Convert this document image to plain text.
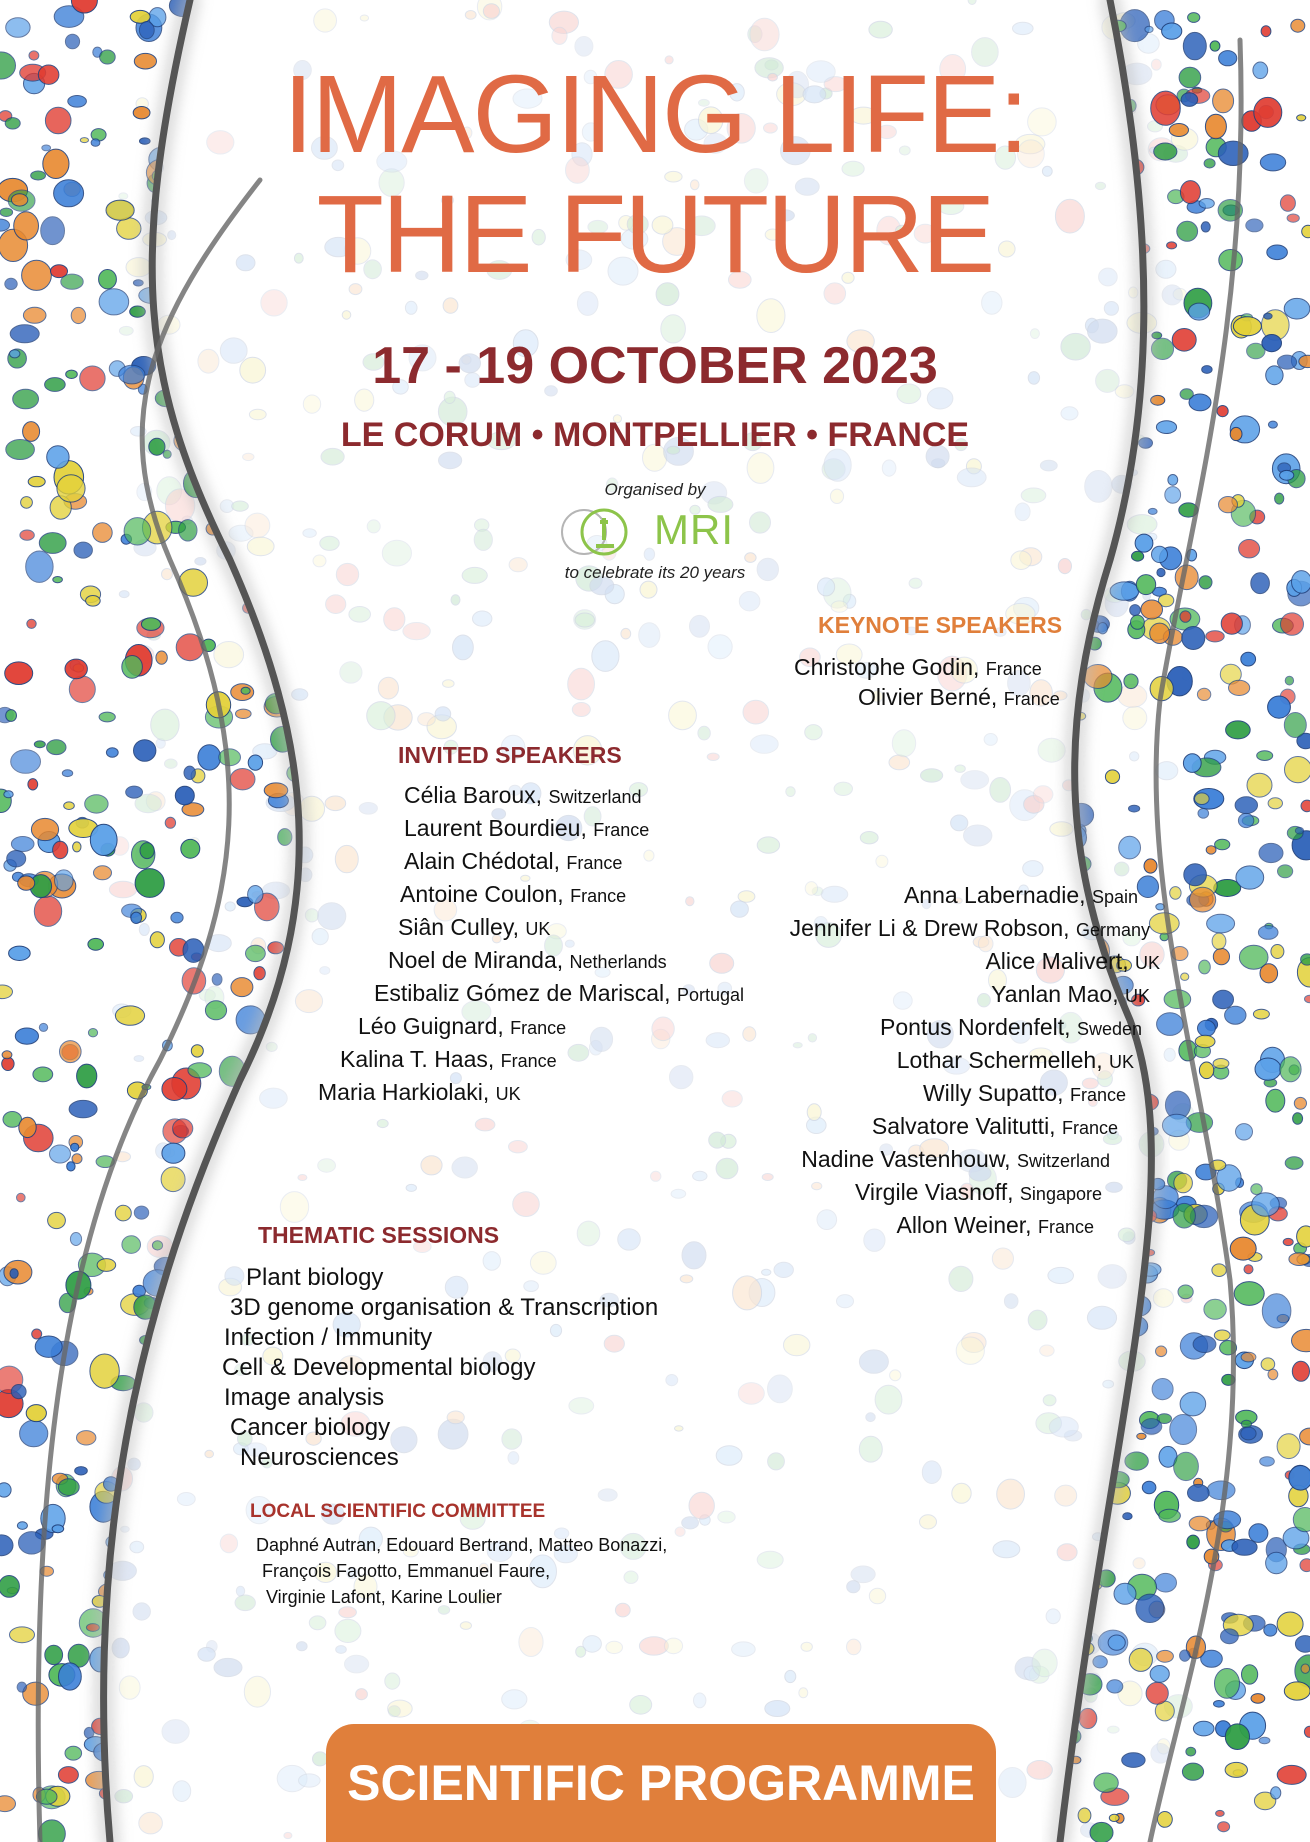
IMAGING LIFE:
THE FUTURE
17 - 19 OCTOBER 2023
LE CORUM • MONTPELLIER • FRANCE
Organised by
MRI
to celebrate its 20 years
KEYNOTE SPEAKERS
Christophe Godin, France
Olivier Berné, France
INVITED SPEAKERS
Célia Baroux, Switzerland
Laurent Bourdieu, France
Alain Chédotal, France
Antoine Coulon, France
Siân Culley, UK
Noel de Miranda, Netherlands
Estibaliz Gómez de Mariscal, Portugal
Léo Guignard, France
Kalina T. Haas, France
Maria Harkiolaki, UK
Anna Labernadie, Spain
Jennifer Li & Drew Robson, Germany
Alice Malivert, UK
Yanlan Mao, UK
Pontus Nordenfelt, Sweden
Lothar Schermelleh, UK
Willy Supatto, France
Salvatore Valitutti, France
Nadine Vastenhouw, Switzerland
Virgile Viasnoff, Singapore
Allon Weiner, France
THEMATIC SESSIONS
Plant biology
3D genome organisation & Transcription
Infection / Immunity
Cell & Developmental biology
Image analysis
Cancer biology
Neurosciences
LOCAL SCIENTIFIC COMMITTEE
Daphné Autran, Edouard Bertrand, Matteo Bonazzi,
François Fagotto, Emmanuel Faure,
Virginie Lafont, Karine Loulier
SCIENTIFIC PROGRAMME
